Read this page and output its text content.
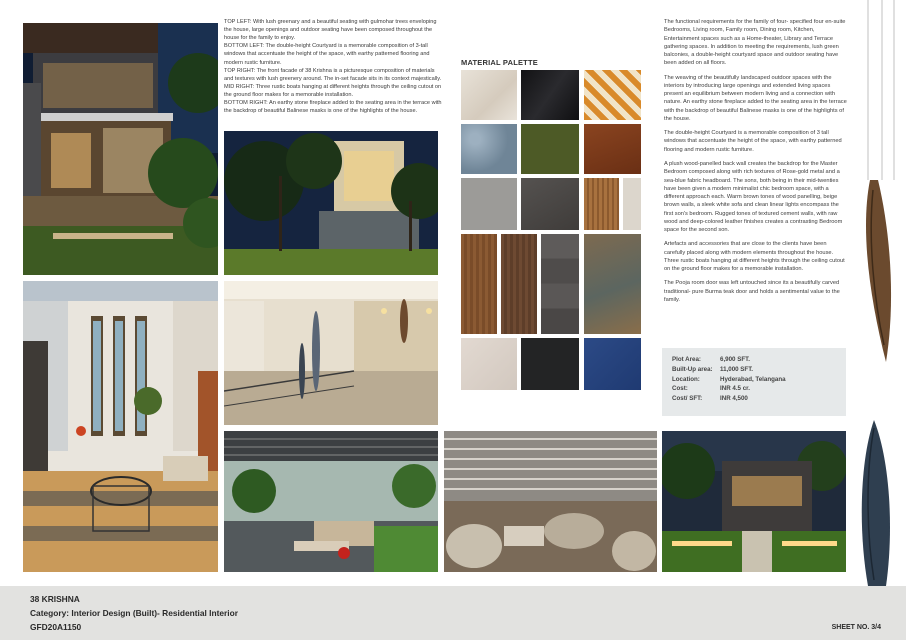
TOP LEFT: With lush greenary and a beautiful seating with gulmohar trees enveloping the house, large openings and outdoor seating have been composed throughout the house for the family to enjoy.

BOTTOM LEFT: The double-height Courtyard is a memorable composition of 3-tall windows that accentuate the height of the space, with earthy patterned flooring and modern rustic furniture.

TOP RIGHT: The front facade of 38 Krishna is a picturesque composition of materials and textures with lush greenery around. The in-set facade sits in its context majestically.

MID RIGHT: Three rustic boats hanging at different heights through the ceiling cutout on the ground floor makes for a memorable installation.

BOTTOM RIGHT: An earthy stone fireplace added to the seating area in the terrace with the backdrop of beautiful Balinese masks is one of the highlights of the house.

MATERIAL PALETTE

The functional requirements for the family of four- specified four en-suite Bedrooms, Living room, Family room, Dining room, Kitchen, Entertainment spaces such as a Home-theater, Library and Terrace gathering spaces. In addition to meeting the requirements, lush green balconies, a double-height courtyard space and outdoor seating have been added on all floors.

The weaving of the beautifully landscaped outdoor spaces with the interiors by introducing large openings and extended living spaces present an equilibrium between modern living and a connection with nature. An earthy stone fireplace added to the seating area in the terrace with the backdrop of beautiful Balinese masks is one of the highlights of the house.

The double-height Courtyard is a memorable composition of 3 tall windows that accentuate the height of the space, with earthy patterned flooring and modern rustic furniture.

A plush wood-panelled back wall creates the backdrop for the Master Bedroom composed along with rich textures of Rose-gold metal and a sea-blue fabric headboard. The sons, both being in their mid-twenties have been given a modern minimalist chic bedroom space, with a different approach each. Warm brown tones of wood panelling, beige brown walls, a sleek white sofa and clean linear lights encompass the first son's bedroom. Rugged tones of textured cement walls, with raw wood and deep-colored leather finishes creates a contrasting Bedroom space for the second son.

Artefacts and accessories that are close to the clients have been carefully placed along with modern elements throughout the house. Three rustic boats hanging at different heights through the ceiling cutout on the ground floor makes for a memorable installation.

The Pooja room door was left untouched since its a beautifully carved traditional- pure Burma teak door and holds a sentimental value to the family.

Plot Area:	6,900 SFT.
Built-Up area:	11,000 SFT.
Location:	Hyderabad, Telangana
Cost:	INR 4.5 cr.
Cost/ SFT:	INR 4,500
38 KRISHNA
Category: Interior Design (Built)- Residential Interior
GFD20A1150	SHEET NO. 3/4
